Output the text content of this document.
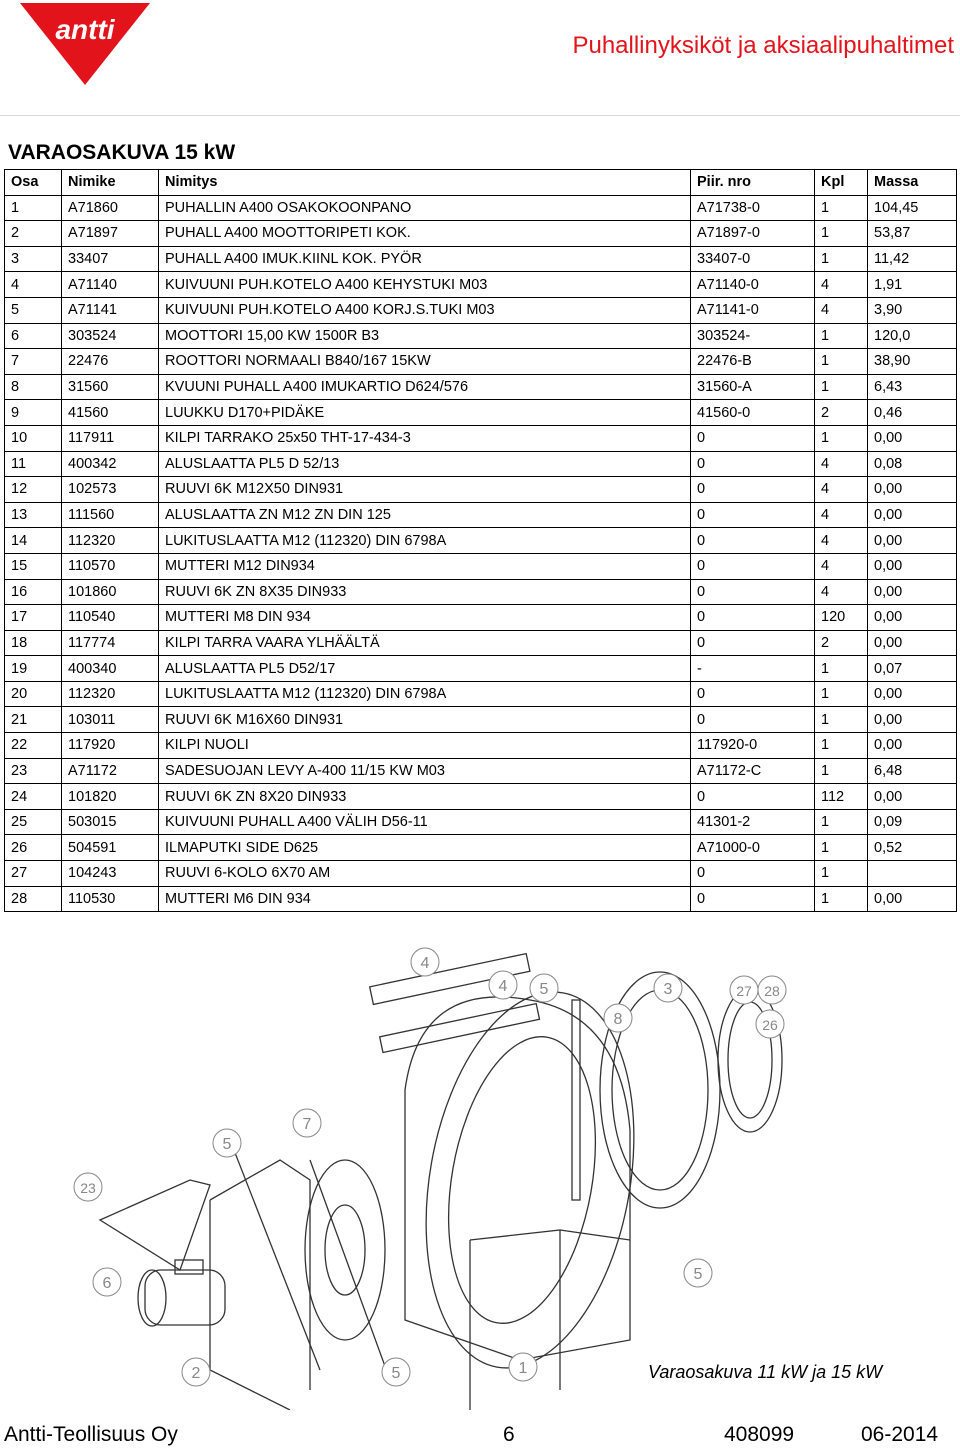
antti
Puhallinyksiköt ja aksiaalipuhaltimet
VARAOSAKUVA 15 kW
Osa	Nimike	Nimitys	Piir. nro	Kpl	Massa
1	A71860	PUHALLIN A400 OSAKOKOONPANO	A71738-0	1	104,45
2	A71897	PUHALL A400 MOOTTORIPETI KOK.	A71897-0	1	53,87
3	33407	PUHALL A400 IMUK.KIINL KOK. PYÖR	33407-0	1	11,42
4	A71140	KUIVUUNI PUH.KOTELO A400 KEHYSTUKI M03	A71140-0	4	1,91
5	A71141	KUIVUUNI PUH.KOTELO A400 KORJ.S.TUKI M03	A71141-0	4	3,90
6	303524	MOOTTORI 15,00 KW 1500R B3	303524-	1	120,0
7	22476	ROOTTORI NORMAALI B840/167 15KW	22476-B	1	38,90
8	31560	KVUUNI PUHALL A400 IMUKARTIO D624/576	31560-A	1	6,43
9	41560	LUUKKU D170+PIDÄKE	41560-0	2	0,46
10	117911	KILPI TARRAKO 25x50 THT-17-434-3	0	1	0,00
11	400342	ALUSLAATTA PL5 D 52/13	0	4	0,08
12	102573	RUUVI 6K M12X50 DIN931	0	4	0,00
13	111560	ALUSLAATTA ZN M12 ZN DIN 125	0	4	0,00
14	112320	LUKITUSLAATTA M12 (112320) DIN 6798A	0	4	0,00
15	110570	MUTTERI M12 DIN934	0	4	0,00
16	101860	RUUVI 6K ZN 8X35 DIN933	0	4	0,00
17	110540	MUTTERI M8 DIN 934	0	120	0,00
18	117774	KILPI TARRA VAARA YLHÄÄLTÄ	0	2	0,00
19	400340	ALUSLAATTA PL5 D52/17	-	1	0,07
20	112320	LUKITUSLAATTA M12 (112320) DIN 6798A	0	1	0,00
21	103011	RUUVI 6K M16X60 DIN931	0	1	0,00
22	117920	KILPI NUOLI	117920-0	1	0,00
23	A71172	SADESUOJAN LEVY A-400 11/15 KW M03	A71172-C	1	6,48
24	101820	RUUVI 6K ZN 8X20 DIN933	0	112	0,00
25	503015	KUIVUUNI PUHALL A400 VÄLIH D56-11	41301-2	1	0,09
26	504591	ILMAPUTKI SIDE D625	A71000-0	1	0,52
27	104243	RUUVI 6-KOLO 6X70 AM	0	1	
28	110530	MUTTERI M6 DIN 934	0	1	0,00
4
4 5	3	27 28
8	26
7
5
23
6
5
2	5	1	Varaosakuva 11 kW ja 15 kW
Antti-Teollisuus Oy	6	408099	06-2014
